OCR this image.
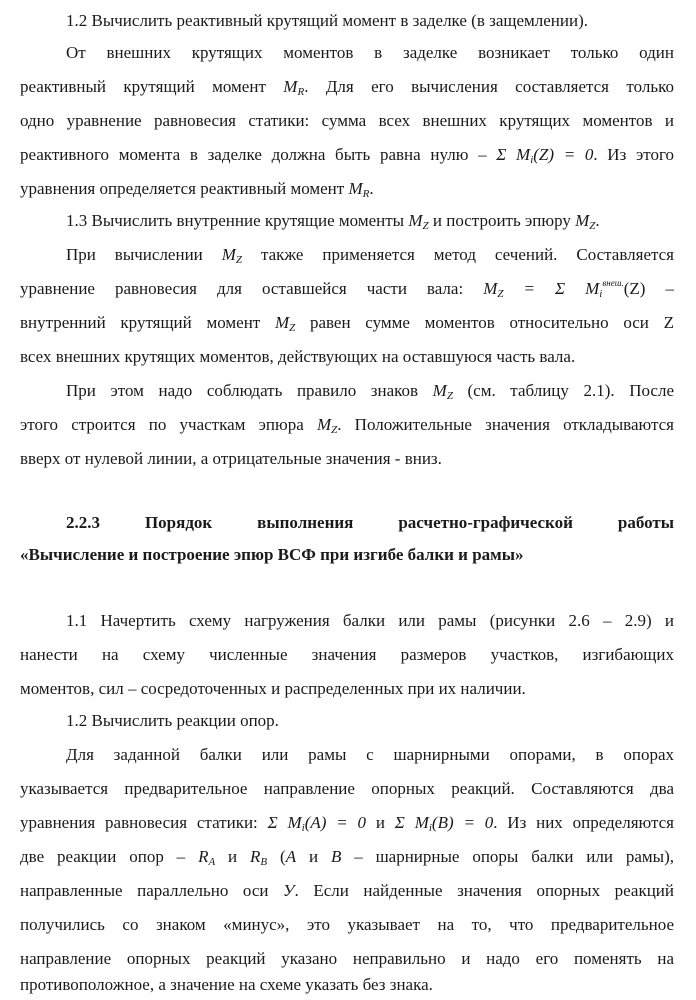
1.2 Вычислить реактивный крутящий момент в заделке (в защемлении).
От внешних крутящих моментов в заделке возникает только один
реактивный крутящий момент $M_R$. Для его вычисления составляется только
одно уравнение равновесия статики: сумма всех внешних крутящих моментов и
реактивного момента в заделке должна быть равна нулю – Σ $M_i(Z) = 0$. Из этого
уравнения определяется реактивный момент $M_R$.
1.3 Вычислить внутренние крутящие моменты $M_Z$ и построить эпюру $M_Z$.
При вычислении $M_Z$ также применяется метод сечений. Составляется
уравнение равновесия для оставшейся части вала: $M_Z = \Sigma$ $M_i^{внеш.}(Z)$ –
внутренний крутящий момент $M_Z$ равен сумме моментов относительно оси Z
всех внешних крутящих моментов, действующих на оставшуюся часть вала.
При этом надо соблюдать правило знаков $M_Z$ (см. таблицу 2.1). После
этого строится по участкам эпюра $M_Z$. Положительные значения откладываются
вверх от нулевой линии, а отрицательные значения - вниз.
2.2.3 Порядок выполнения расчетно-графической работы
«Вычисление и построение эпюр ВСФ при изгибе балки и рамы»
1.1 Начертить схему нагружения балки или рамы (рисунки 2.6 – 2.9) и
нанести на схему численные значения размеров участков, изгибающих
моментов, сил – сосредоточенных и распределенных при их наличии.
1.2 Вычислить реакции опор.
Для заданной балки или рамы с шарнирными опорами, в опорах
указывается предварительное направление опорных реакций. Составляются два
уравнения равновесия статики: Σ $M_i(A) = 0$ и Σ $M_i(B) = 0$. Из них определяются
две реакции опор – $R_A$ и $R_B$ (A и B – шарнирные опоры балки или рамы),
направленные параллельно оси У. Если найденные значения опорных реакций
получились со знаком «минус», это указывает на то, что предварительное
направление опорных реакций указано неправильно и надо его поменять на
противоположное, а значение на схеме указать без знака.
